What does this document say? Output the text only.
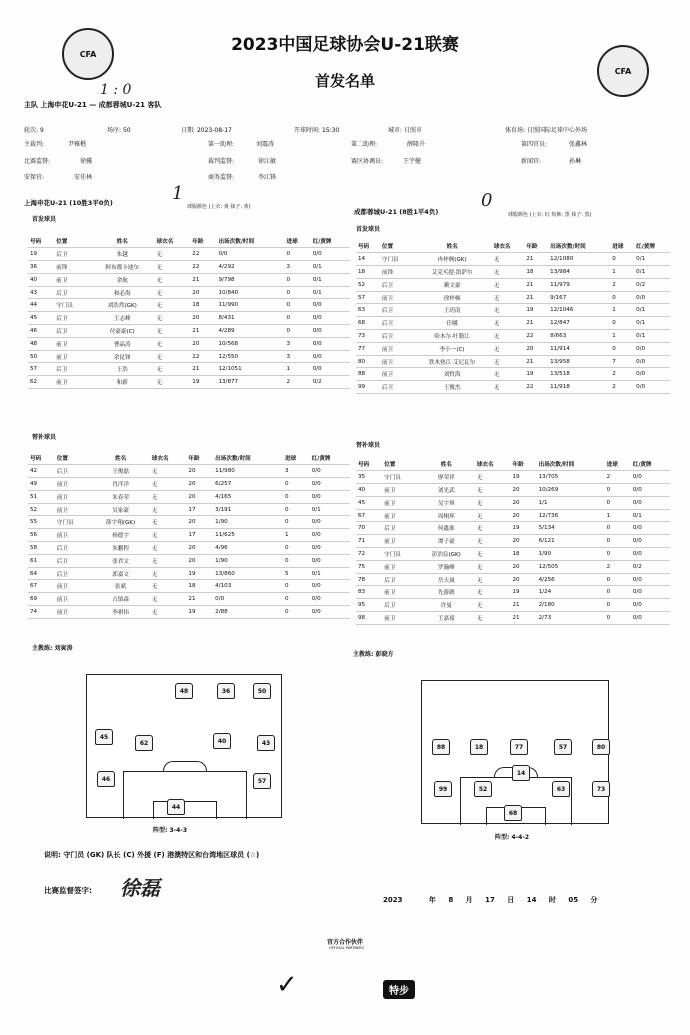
CFA
CFA
2023中国足球协会U-21联赛
首发名单
主队 上海申花U-21 — 成都蓉城U-21 客队
1 : 0
轮次: 9	场序: 50	日期: 2023-08-17	开球时间: 15:30	城市: 日照市	体育场: 日照国际足球中心外场
主裁判:	尹雅楷	第一助理:	刘震涛	第二助理:	薛隆升	第四官员:	张鑫林
比赛监督:	徐骥	裁判监督:	徐江敏	赛区协调员:	王宇健	新闻官:	孙琳
安保官:	安佳林	商务监督:	李江锋
上海申花U-21 (10胜3平0负)	1
球服颜色 (上衣: 黄 袜子: 黄)
首发球员
号码	位置	姓名	球衣名	年龄	出场次数/时间	进球	红/黄牌
19	后卫	朱越	无	22	0/0	0	0/0
36	前锋	阿布都卡迪尔	无	22	4/292	3	0/1
40	前卫	余航	无	21	9/798	0	0/1
43	后卫	和必海	无	20	10/840	0	0/1
44	守门员	刘浩然(GK)	无	18	11/990	0	0/0
45	后卫	王志峰	无	20	8/431	0	0/0
46	后卫	付豪豪(C)	无	21	4/289	0	0/0
48	前卫	曹晶涛	无	20	10/568	3	0/0
50	前卫	余昆锋	无	22	12/550	3	0/0
57	后卫	王浩	无	21	12/1051	1	0/0
62	前卫	和新	无	19	13/877	2	0/2
替补球员
号码	位置	姓名	球衣名	年龄	出场次数/时间	进球	红/黄牌
42	后卫	王俊磊	无	20	11/980	3	0/0
49	前卫	肖洋洋	无	20	6/257	0	0/0
51	前卫	朱春荣	无	20	4/165	0	0/0
52	前卫	吴家豪	无	17	3/191	0	0/1
55	守门员	薛宇翔(GK)	无	20	1/90	0	0/0
56	前卫	杨德宇	无	17	11/625	1	0/0
58	后卫	朱鹏程	无	20	4/96	0	0/0
61	后卫	张君文	无	20	1/90	0	0/0
64	后卫	郭嘉文	无	19	13/860	5	0/1
67	前卫	张斌	无	18	4/103	0	0/0
69	前卫	占镇森	无	21	0/0	0	0/0
74	前卫	李祺伟	无	19	2/88	0	0/0
主教练: 刘寅涛
成都蓉城U-21 (8胜1平4负)
0
球服颜色 (上衣: 红 短裤: 黑 袜子: 黑)
首发球员
号码	位置	姓名	球衣名	年龄	出场次数/时间	进球	红/黄牌
14	守门员	冉梓枫(GK)	无	21	12/1080	0	0/1
18	前锋	艾克买提·凯萨尔	无	18	13/984	1	0/1
52	后卫	赖文豪	无	21	11/979	2	0/2
57	前卫	徐梓枫	无	21	9/167	0	0/0
63	后卫	王玥南	无	19	12/1046	1	0/1
68	后卫	任曦	无	21	12/847	0	0/1
73	后卫	哈木尔·吐勒江	无	22	8/663	1	0/1
77	前卫	李小一(C)	无	20	11/914	0	0/0
80	前卫	铁木热江·艾尼瓦尔	无	21	13/958	7	0/0
88	前卫	刘哲海	无	19	13/518	2	0/0
99	后卫	王俊杰	无	22	11/918	2	0/0
替补球员
号码	位置	姓名	球衣名	年龄	出场次数/时间	进球	红/黄牌
35	守门员	廖荣祥	无	19	13/705	2	0/0
40	前卫	刘光武	无	20	10/269	0	0/0
45	前卫	吴宇琪	无	20	1/1	0	0/0
67	前卫	周栩珲	无	20	12/736	1	0/1
70	后卫	何鑫淮	无	19	5/134	0	0/0
71	前卫	谭子豪	无	20	6/121	0	0/0
72	守门员	彭浩宸(GK)	无	18	1/90	0	0/0
75	前卫	罗瀚峰	无	20	12/505	2	0/2
78	后卫	岳天晟	无	20	4/256	0	0/0
83	前卫	先游路	无	19	1/24	0	0/0
95	后卫	许曼	无	21	2/180	0	0/0
98	前卫	王嘉祾	无	21	2/73	0	0/0
主教练: 彭晓方
48	36	50
45
62	40	43
46	57
44
阵型: 3-4-3
88	18	77	57	80
99	52	63	73
68
14
阵型: 4-4-2
说明: 守门员 (GK) 队长 (C) 外援 (F) 港澳特区和台湾地区球员 (☆)
比赛监督签字: 徐磊	2023	年 8 月 17 日 14 时 05 分
官方合作伙伴
OFFICIAL PARTNERS
✓	特步
